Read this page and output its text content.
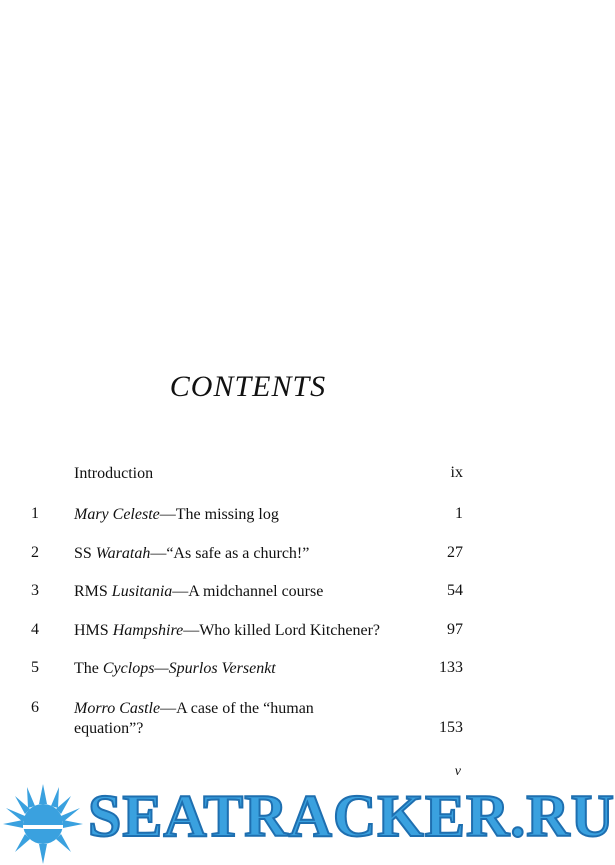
CONTENTS
Introduction	ix
1 Mary Celeste—The missing log	1
2 SS Waratah—“As safe as a church!”	27
3 RMS Lusitania—A midchannel course	54
4 HMS Hampshire—Who killed Lord Kitchener?	97
5 The Cyclops—Spurlos Versenkt	133
6 Morro Castle—A case of the “human
equation”?	153
v
SEATRACKER.RU
